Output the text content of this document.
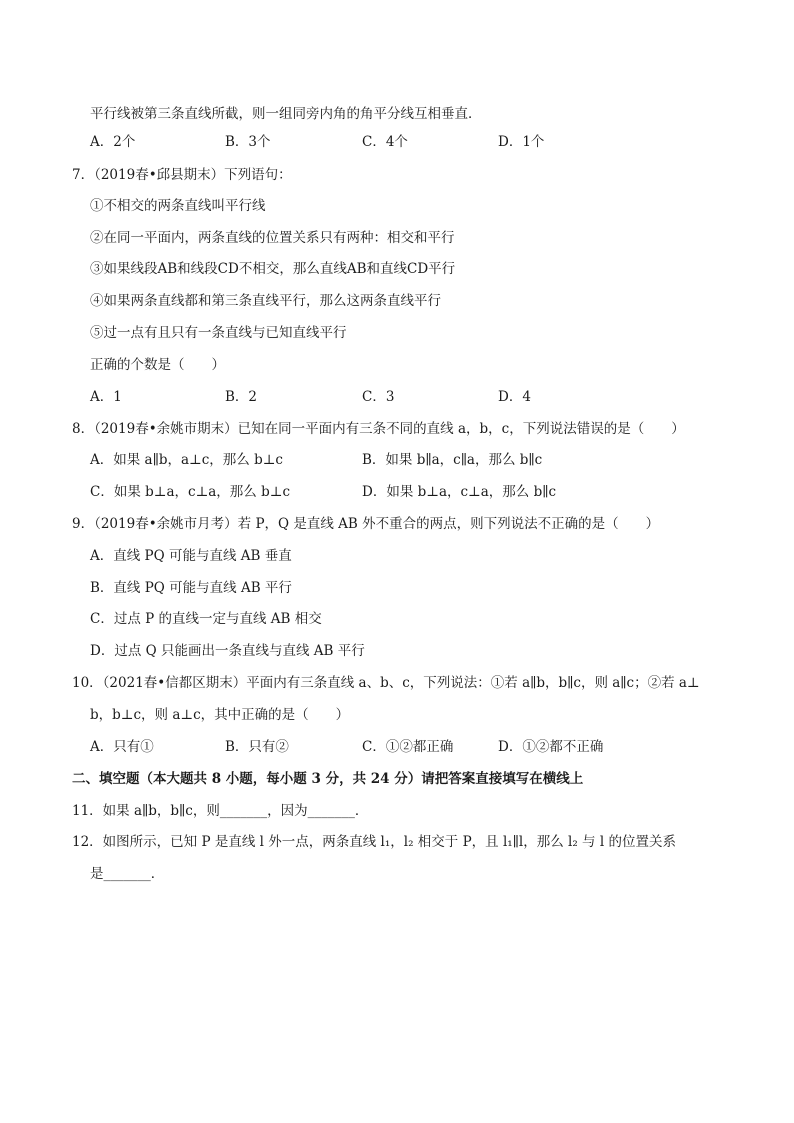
平行线被第三条直线所截，则一组同旁内角的角平分线互相垂直．
A．2个	B．3个	C．4个	D．1个
7．（2019春•邱县期末）下列语句：
①不相交的两条直线叫平行线
②在同一平面内，两条直线的位置关系只有两种：相交和平行
③如果线段AB和线段CD不相交，那么直线AB和直线CD平行
④如果两条直线都和第三条直线平行，那么这两条直线平行
⑤过一点有且只有一条直线与已知直线平行
正确的个数是（　　）
A．1	B．2	C．3	D．4
8．（2019春•余姚市期末）已知在同一平面内有三条不同的直线 a，b，c，下列说法错误的是（　　）
A．如果 a∥b，a⊥c，那么 b⊥c	B．如果 b∥a，c∥a，那么 b∥c
C．如果 b⊥a，c⊥a，那么 b⊥c	D．如果 b⊥a，c⊥a，那么 b∥c
9．（2019春•余姚市月考）若 P，Q 是直线 AB 外不重合的两点，则下列说法不正确的是（　　）
A．直线 PQ 可能与直线 AB 垂直
B．直线 PQ 可能与直线 AB 平行
C．过点 P 的直线一定与直线 AB 相交
D．过点 Q 只能画出一条直线与直线 AB 平行
10．（2021春•信都区期末）平面内有三条直线 a、b、c，下列说法：①若 a∥b，b∥c，则 a∥c；②若 a⊥
b，b⊥c，则 a⊥c，其中正确的是（　　）
A．只有①	B．只有②	C．①②都正确	D．①②都不正确
二、填空题（本大题共 8 小题，每小题 3 分，共 24 分）请把答案直接填写在横线上
11．如果 a∥b，b∥c，则_______，因为_______．
12．如图所示，已知 P 是直线 l 外一点，两条直线 l₁，l₂ 相交于 P，且 l₁∥l，那么 l₂ 与 l 的位置关系
是_______．
